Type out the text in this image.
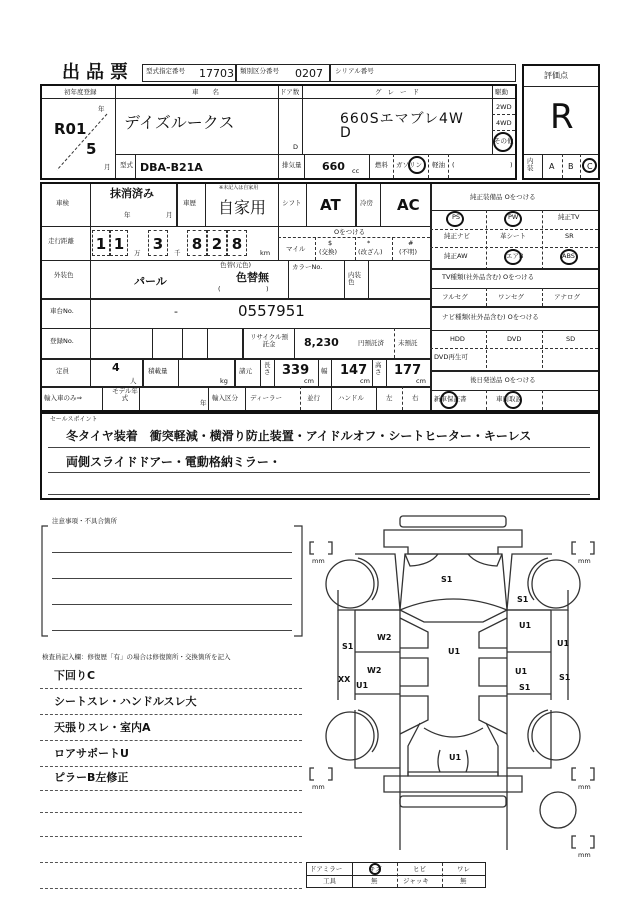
出品票 型式指定番号 17703 類別区分番号 0207 シリアル番号	評価点
R
内装 A B C
初年度登録
年
R01
5
月
車名
デイズルークス
型式 DBA-B21A
ドア数
D
グレード
660Sエマブレ4W
D
排気量 660 cc
燃料 ガソリン 軽油 (	)
駆動
2WD
4WD
その他
車検
抹消済み
年	月
車歴
※未記入は自家用
自家用 シフト AT	冷房 AC
走行距離 1 1	万 3	千 8 2 8	km
Oをつける
マイル
$
(交換)
*
(改ざん)
#
(不明)
外装色	パール
色替(元色)
色替無
(　　　　　　　)
カラーNo.
内装色
車台No.	-	0557951
登録No.	リサイクル預託金	8,230	円預託済 未預託
定員	4
人
積載量
kg
諸元
長さ 339
cm
幅 147
cm
高さ 177
cm
輸入車のみ⇒
モデル年式
年
輸入区分 ディーラー	並行	ハンドル	左	右
純正装備品 Oをつける
PS	PW	純正TV
純正ナビ	革シート	SR
純正AW	エアB	ABS
TV種類(社外品含む) Oをつける
フルセグ	ワンセグ	アナログ
ナビ種類(社外品含む) Oをつける
HDD	DVD	SD
DVD再生可
後日発送品 Oをつける
新車保証書	車両取説
セールスポイント
冬タイヤ装着　衝突軽減・横滑り防止装置・アイドルオフ・シートヒーター・キーレス
両側スライドドアー・電動格納ミラー・
注意事項・不具合箇所
検査員記入欄：修復歴「有」の場合は修復箇所・交換箇所を記入
下回りC
シートスレ・ハンドルスレ大
天張りスレ・室内A
ロアサポートU
ピラーB左修正
mm	mm
mm	mm
mm
S1
S1
U1
U1
W2
S1
U1
W2
XX
U1
U1
S1
S1
U1
ドアミラー	キズ	ヒビ	ワレ
工具	無	ジャッキ	無
